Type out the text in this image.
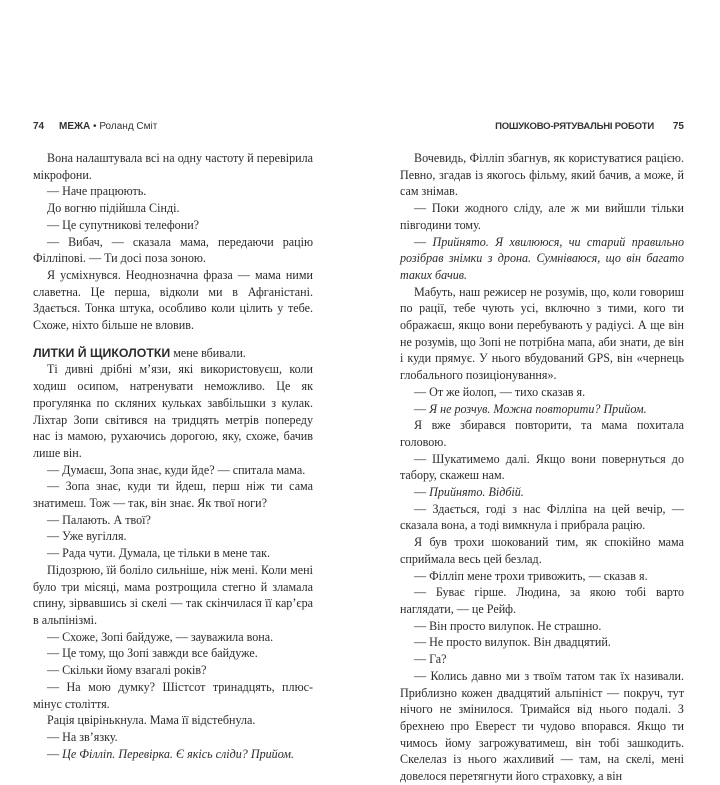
74 МЕЖА • Роланд Сміт

Вона налаштувала всі на одну частоту й перевірила мікрофони.

— Наче працюють.

До вогню підійшла Сінді.

— Це супутникові телефони?

— Вибач, — сказала мама, передаючи рацію Філліпові. — Ти досі поза зоною.

Я усміхнувся. Неоднозначна фраза — мама ними славетна. Це перша, відколи ми в Афганістані. Здається. Тонка штука, особливо коли цілить у тебе. Схоже, ніхто більше не вловив.

ЛИТКИ Й ЩИКОЛОТКИ мене вбивали.

Ті дивні дрібні м’язи, які використовуєш, коли ходиш осипом, натренувати неможливо. Це як прогулянка по скляних кульках завбільшки з кулак. Ліхтар Зопи світився на тридцять метрів попереду нас із мамою, рухаючись дорогою, яку, схоже, бачив лише він.

— Думаєш, Зопа знає, куди йде? — спитала мама.

— Зопа знає, куди ти йдеш, перш ніж ти сама знатимеш. Тож — так, він знає. Як твої ноги?

— Палають. А твої?

— Уже вугілля.

— Рада чути. Думала, це тільки в мене так.

Підозрюю, їй боліло сильніше, ніж мені. Коли мені було три місяці, мама розтрощила стегно й зламала спину, зірвавшись зі скелі — так скінчилася її кар’єра в альпінізмі.

— Схоже, Зопі байдуже, — зауважила вона.

— Це тому, що Зопі завжди все байдуже.

— Скільки йому взагалі років?

— На мою думку? Шістсот тринадцять, плюс-мінус століття.

Рація цвірінькнула. Мама її відстебнула.

— На зв’язку.

— Це Філліп. Перевірка. Є якісь сліди? Прийом.

ПОШУКОВО-РЯТУВАЛЬНІ РОБОТИ 75

Вочевидь, Філліп збагнув, як користуватися рацією. Певно, згадав із якогось фільму, який бачив, а може, й сам знімав.

— Поки жодного сліду, але ж ми вийшли тільки півгодини тому.

— Прийнято. Я хвилююся, чи старий правильно розібрав знімки з дрона. Сумніваюся, що він багато таких бачив.

Мабуть, наш режисер не розумів, що, коли говориш по рації, тебе чують усі, включно з тими, кого ти ображаєш, якщо вони перебувають у радіусі. А ще він не розумів, що Зопі не потрібна мапа, аби знати, де він і куди прямує. У нього вбудований GPS, він «чернець глобального позиціонування».

— От же йолоп, — тихо сказав я.

— Я не розчув. Можна повторити? Прийом.

Я вже збирався повторити, та мама похитала головою.

— Шукатимемо далі. Якщо вони повернуться до табору, скажеш нам.

— Прийнято. Відбій.

— Здається, годі з нас Філліпа на цей вечір, — сказала вона, а тоді вимкнула і прибрала рацію.

Я був трохи шокований тим, як спокійно мама сприймала весь цей безлад.

— Філліп мене трохи тривожить, — сказав я.

— Буває гірше. Людина, за якою тобі варто наглядати, — це Рейф.

— Він просто вилупок. Не страшно.

— Не просто вилупок. Він двадцятий.

— Га?

— Колись давно ми з твоїм татом так їх називали. Приблизно кожен двадцятий альпініст — покруч, тут нічого не змінилося. Тримайся від нього подалі. З брехнею про Еверест ти чудово впорався. Якщо ти чимось йому загрожуватимеш, він тобі зашкодить. Скелелаз із нього жахливий — там, на скелі, мені довелося перетягнути його страховку, а він
